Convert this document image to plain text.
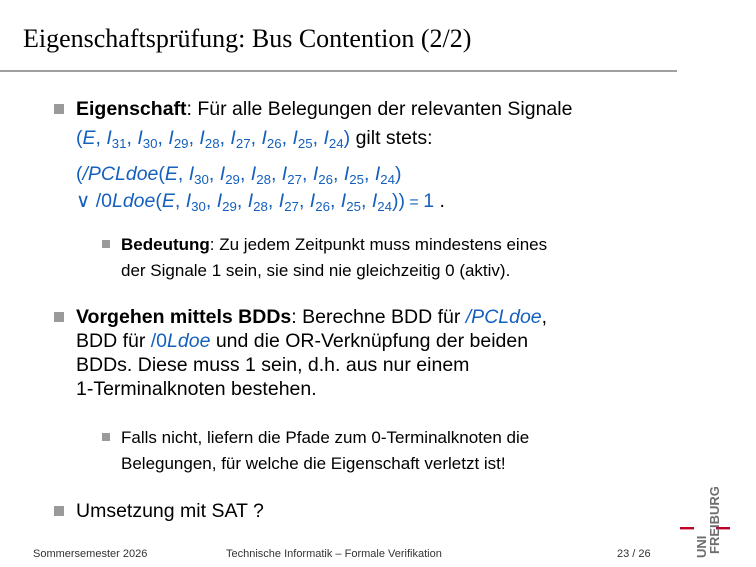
Eigenschaftsprüfung: Bus Contention (2/2)
Eigenschaft: Für alle Belegungen der relevanten Signale
(E, $I_{31}$, $I_{30}$, $I_{29}$, $I_{28}$, $I_{27}$, $I_{26}$, $I_{25}$, $I_{24}$) gilt stets:
(/PCLdoe(E, $I_{30}$, $I_{29}$, $I_{28}$, $I_{27}$, $I_{26}$, $I_{25}$, $I_{24}$)
∨ /0Ldoe(E, $I_{30}$, $I_{29}$, $I_{28}$, $I_{27}$, $I_{26}$, $I_{25}$, $I_{24})) = 1$ .
Bedeutung: Zu jedem Zeitpunkt muss mindestens eines
der Signale 1 sein, sie sind nie gleichzeitig 0 (aktiv).
Vorgehen mittels BDDs: Berechne BDD für /PCLdoe,
BDD für /0Ldoe und die OR-Verknüpfung der beiden
BDDs. Diese muss 1 sein, d.h. aus nur einem
1-Terminalknoten bestehen.
Falls nicht, liefern die Pfade zum 0-Terminalknoten die
Belegungen, für welche die Eigenschaft verletzt ist!
Umsetzung mit SAT ?
UNI
FREIBURG
Sommersemester 2026	Technische Informatik – Formale Verifikation	23 / 26
